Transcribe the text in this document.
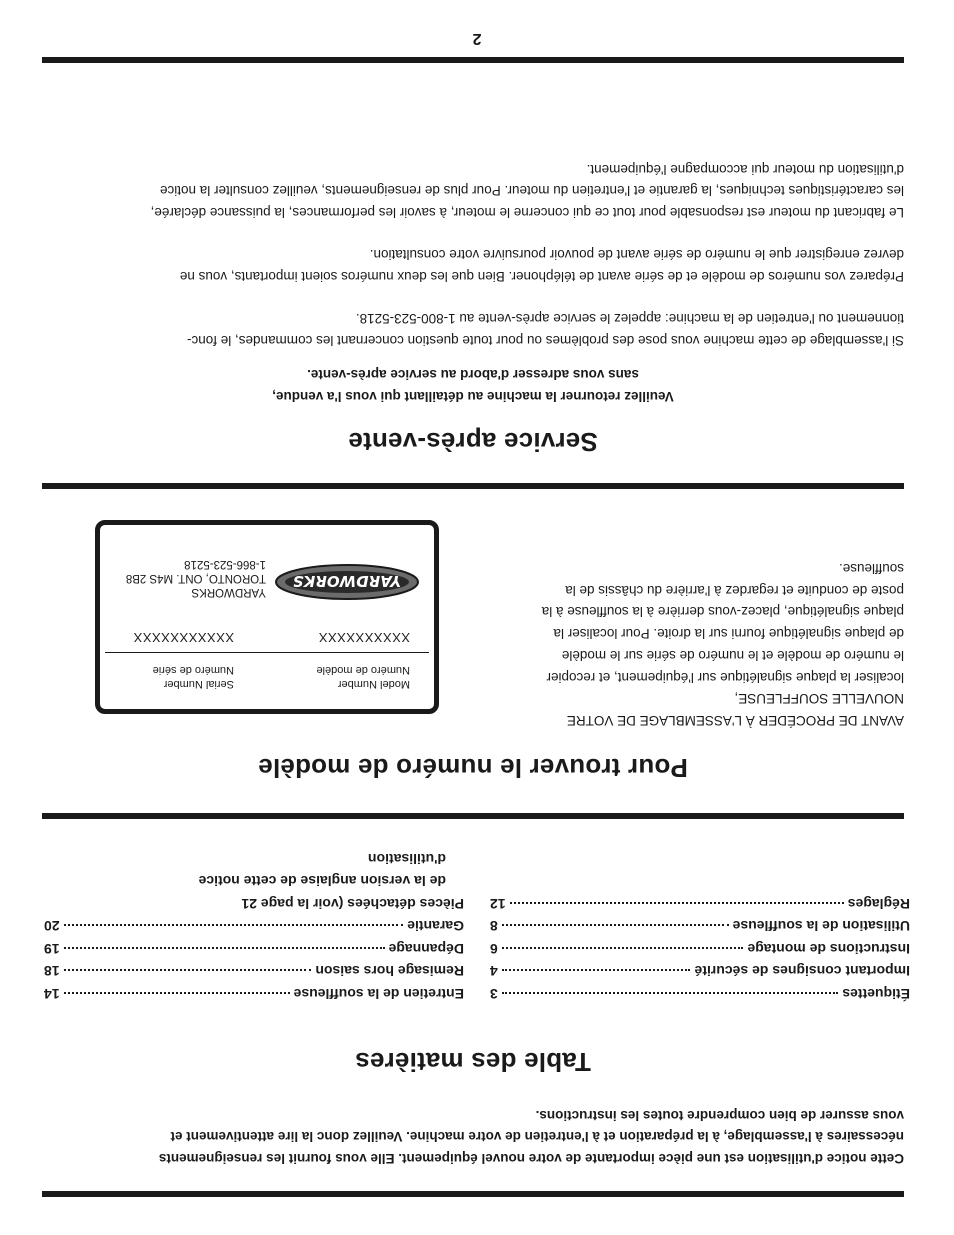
Cette notice d'utilisation est une pièce importante de votre nouvel équipement. Elle vous fournit les renseignements
nécessaires à l'assemblage, à la préparation et à l'entretien de votre machine. Veuillez donc la lire attentivement et
vous assurer de bien comprendre toutes les instructions.
Table des matières
Étiquettes
3
Important consignes de sécurité
4
Instructions de montage
6
Utilisation de la souffleuse
8
Réglages
12
Entretien de la souffleuse
14
Remisage hors saison
18
Dépannage
19
Garantie
20
Pièces détachées (voir la page 21
de la version anglaise de cette notice
d'utilisation
Pour trouver le numéro de modèle
AVANT DE PROCÉDER À L'ASSEMBLAGE DE VOTRE
NOUVELLE SOUFFLEUSE,
localiser la plaque signalétique sur l'équipement, et recopier
le numéro de modèle et le numéro de série sur le modèle
de plaque signalétique fourni sur la droite. Pour localiser la
plaque signalétique, placez-vous derrière à la souffleuse à la
poste de conduite et regardez à l'arrière du châssis de la
souffleuse.
Model Number
Numéro de modèle
Serial Number
Numéro de série
XXXXXXXXXX
XXXXXXXXXXX
YARDWORKS
YARDWORKS
TORONTO, ONT. M4S 2B8
1-866-523-5218
Service après-vente
Veuillez retourner la machine au détaillant qui vous l'a vendue,
sans vous adresser d'abord au service après-vente.
Si l'assemblage de cette machine vous pose des problèmes ou pour toute question concernant les commandes, le fonc-
tionnement ou l'entretien de la machine: appelez le service après-vente au 1-800-523-5218.
Préparez vos numéros de modèle et de série avant de téléphoner. Bien que les deux numéros soient importants, vous ne
devrez enregistrer que le numéro de série avant de pouvoir poursuivre votre consultation.
Le fabricant du moteur est responsable pour tout ce qui concerne le moteur, à savoir les performances, la puissance déclarée,
les caractéristiques techniques, la garantie et l'entretien du moteur. Pour plus de renseignements, veuillez consulter la notice
d'utilisation du moteur qui accompagne l'équipement.
2
